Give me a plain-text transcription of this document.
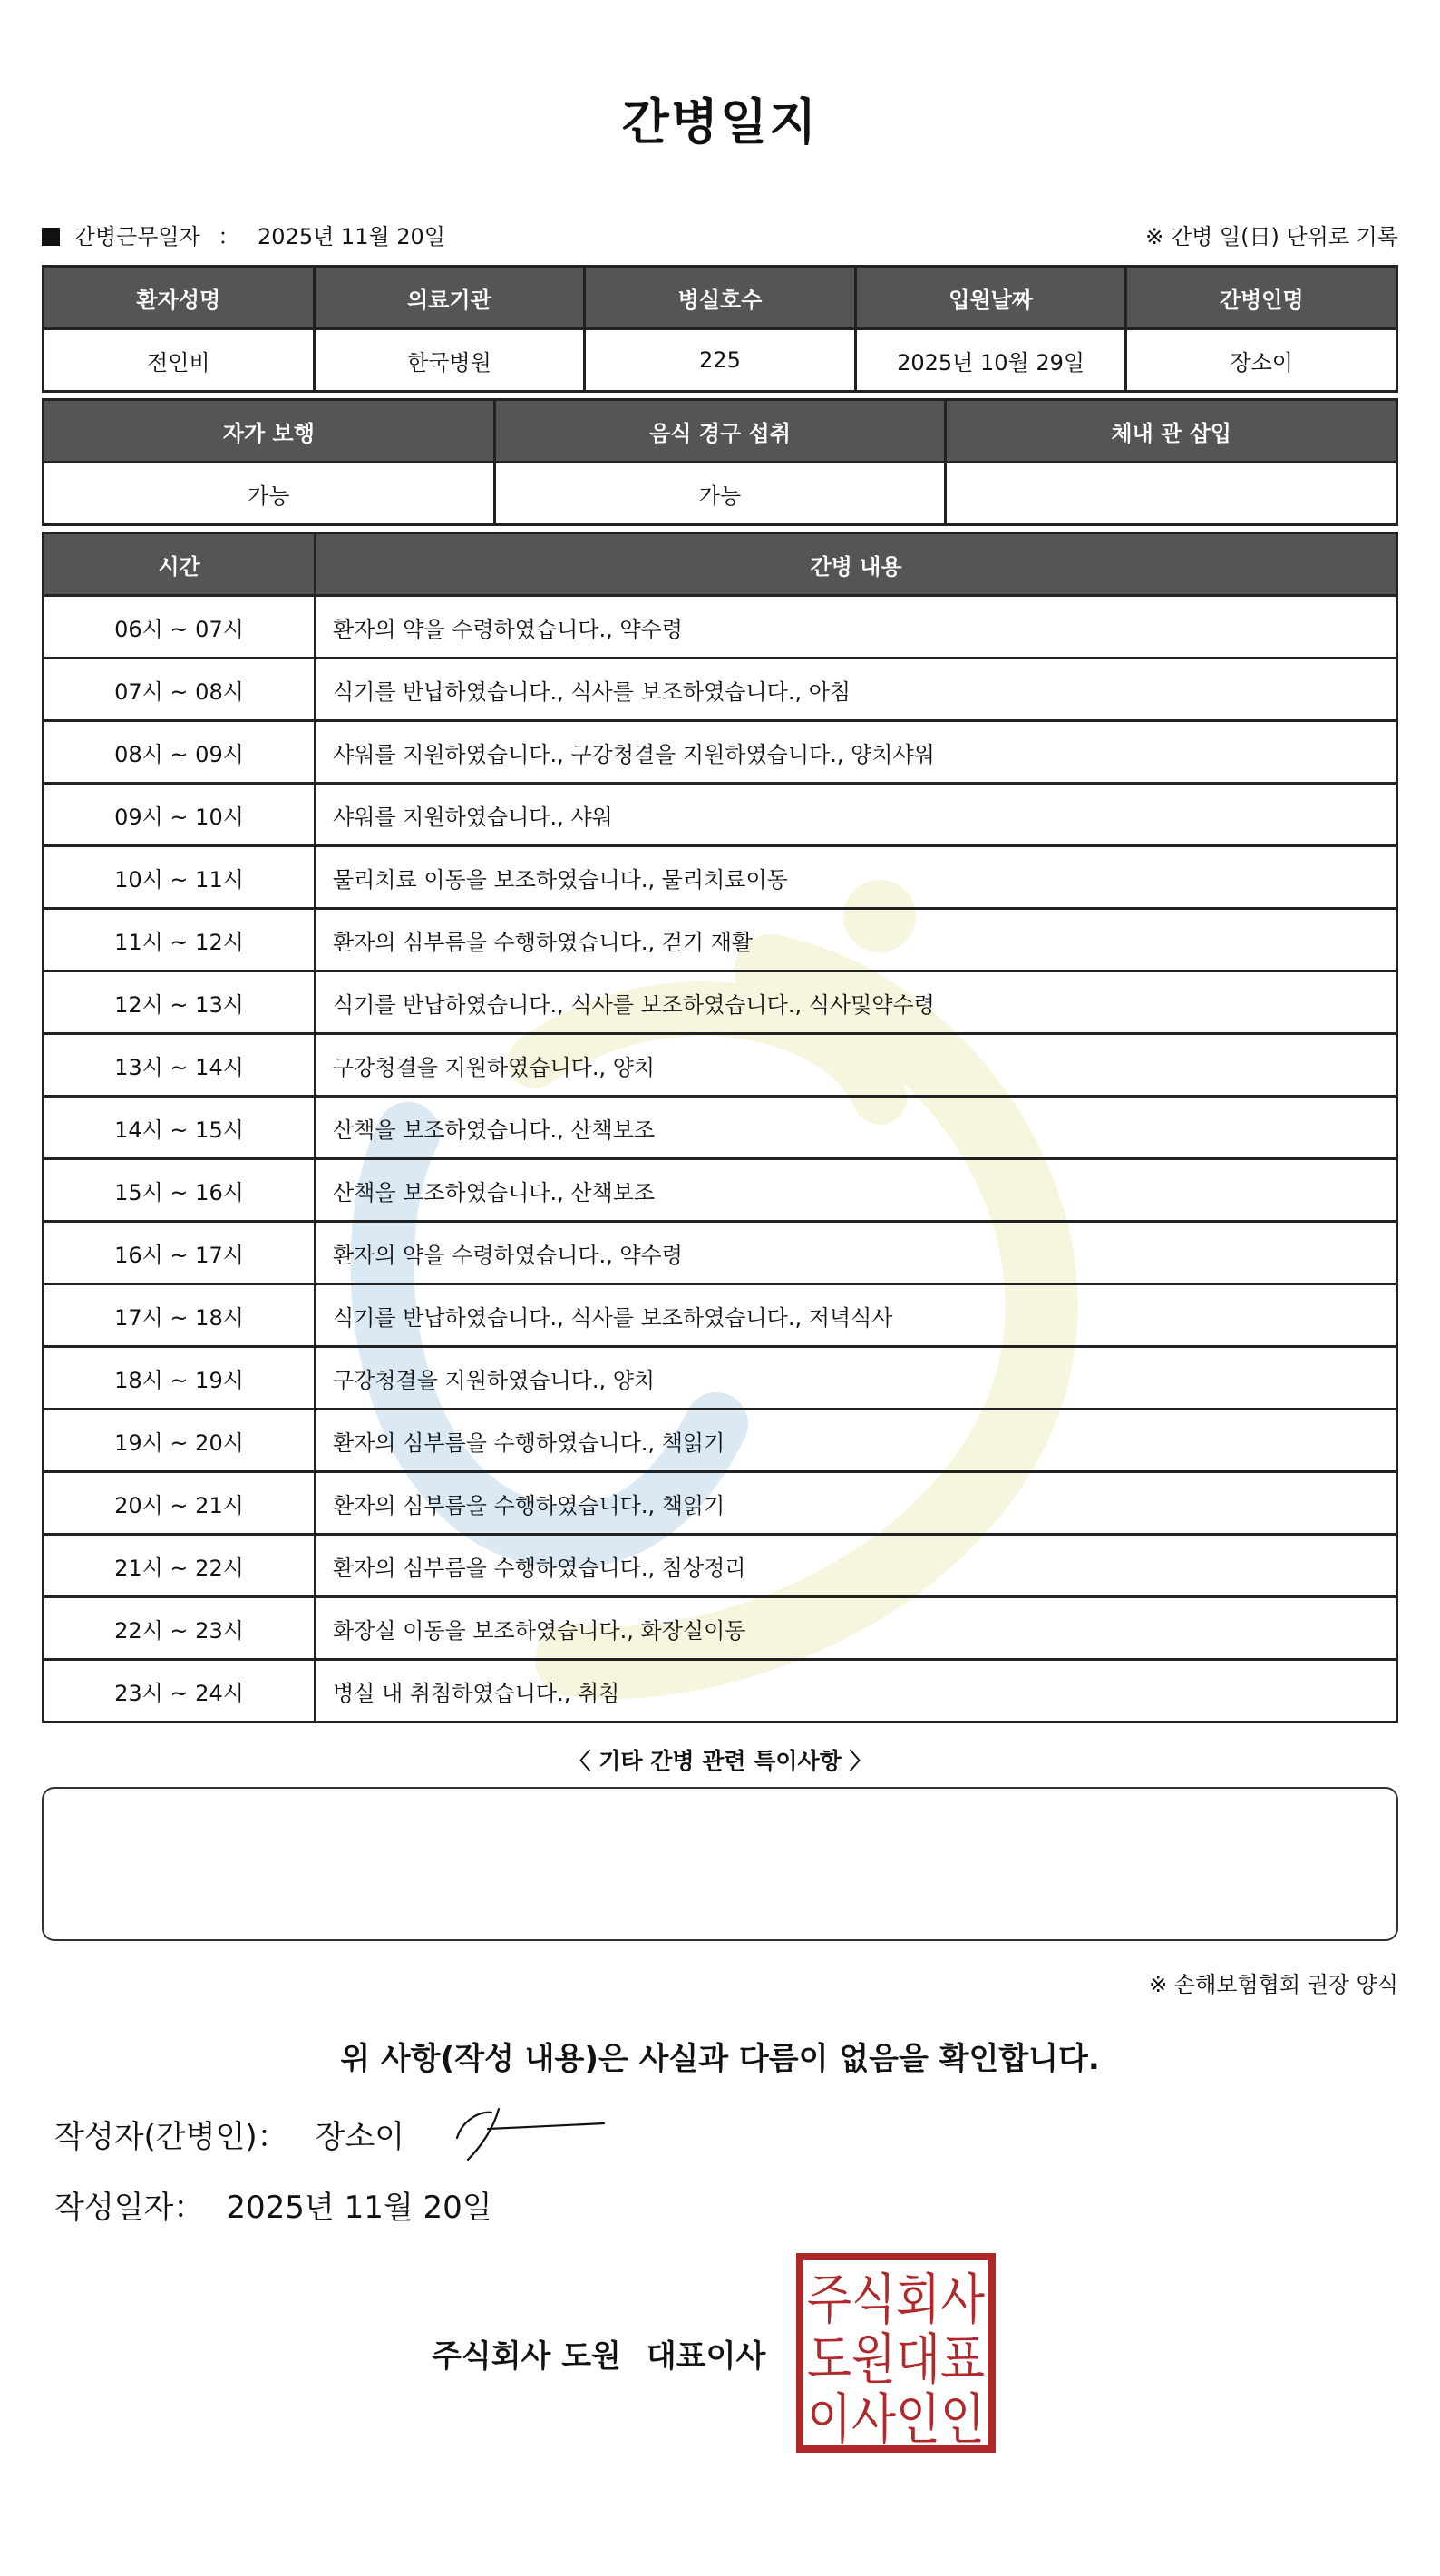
간병일지
간병근무일자 ： 2025년 11월 20일	※ 간병 일(日) 단위로 기록
환자성명	의료기관	병실호수	입원날짜	간병인명
전인비	한국병원	225	2025년 10월 29일	장소이
자가 보행	음식 경구 섭취	체내 관 삽입
가능	가능	
시간	간병 내용
06시 ~ 07시	환자의 약을 수령하였습니다., 약수령
07시 ~ 08시	식기를 반납하였습니다., 식사를 보조하였습니다., 아침
08시 ~ 09시	샤워를 지원하였습니다., 구강청결을 지원하였습니다., 양치샤워
09시 ~ 10시	샤워를 지원하였습니다., 샤워
10시 ~ 11시	물리치료 이동을 보조하였습니다., 물리치료이동
11시 ~ 12시	환자의 심부름을 수행하였습니다., 걷기 재활
12시 ~ 13시	식기를 반납하였습니다., 식사를 보조하였습니다., 식사및약수령
13시 ~ 14시	구강청결을 지원하였습니다., 양치
14시 ~ 15시	산책을 보조하였습니다., 산책보조
15시 ~ 16시	산책을 보조하였습니다., 산책보조
16시 ~ 17시	환자의 약을 수령하였습니다., 약수령
17시 ~ 18시	식기를 반납하였습니다., 식사를 보조하였습니다., 저녁식사
18시 ~ 19시	구강청결을 지원하였습니다., 양치
19시 ~ 20시	환자의 심부름을 수행하였습니다., 책읽기
20시 ~ 21시	환자의 심부름을 수행하였습니다., 책읽기
21시 ~ 22시	환자의 심부름을 수행하였습니다., 침상정리
22시 ~ 23시	화장실 이동을 보조하였습니다., 화장실이동
23시 ~ 24시	병실 내 취침하였습니다., 취침
〈 기타 간병 관련 특이사항 〉
※ 손해보험협회 권장 양식
위 사항(작성 내용)은 사실과 다름이 없음을 확인합니다.
작성자(간병인)： 장소이
작성일자： 2025년 11월 20일
주식회사 도원 대표이사
주식회사
도원대표
이사인인
